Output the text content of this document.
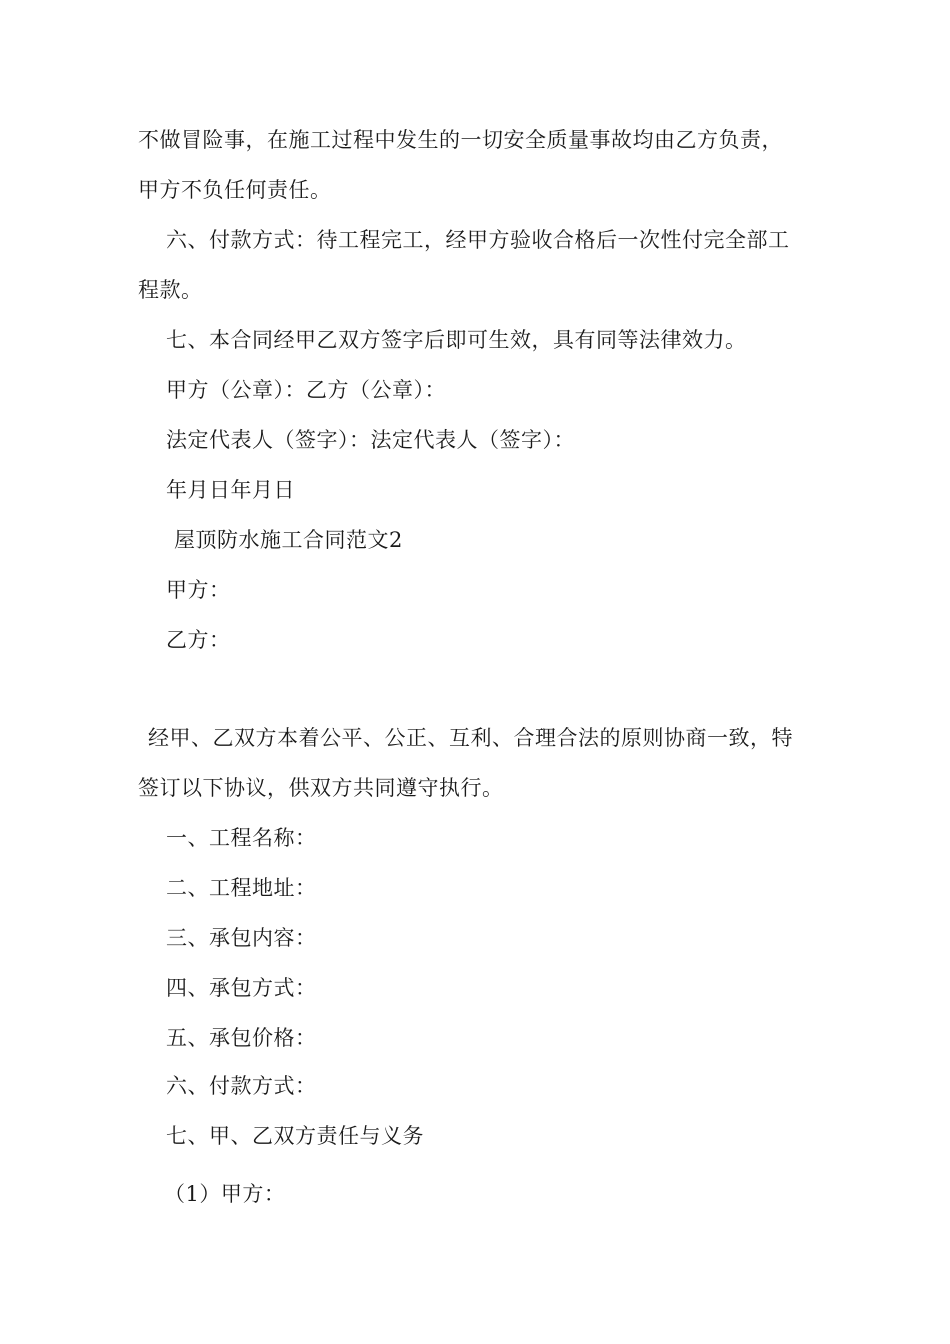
不做冒险事，在施工过程中发生的一切安全质量事故均由乙方负责，
甲方不负任何责任。
六、付款方式：待工程完工，经甲方验收合格后一次性付完全部工
程款。
七、本合同经甲乙双方签字后即可生效，具有同等法律效力。
甲方（公章）：乙方（公章）：
法定代表人（签字）：法定代表人（签字）：
年月日年月日
屋顶防水施工合同范文2
甲方：
乙方：
经甲、乙双方本着公平、公正、互利、合理合法的原则协商一致，特
签订以下协议，供双方共同遵守执行。
一、工程名称：
二、工程地址：
三、承包内容：
四、承包方式：
五、承包价格：
六、付款方式：
七、甲、乙双方责任与义务
（1）甲方：
